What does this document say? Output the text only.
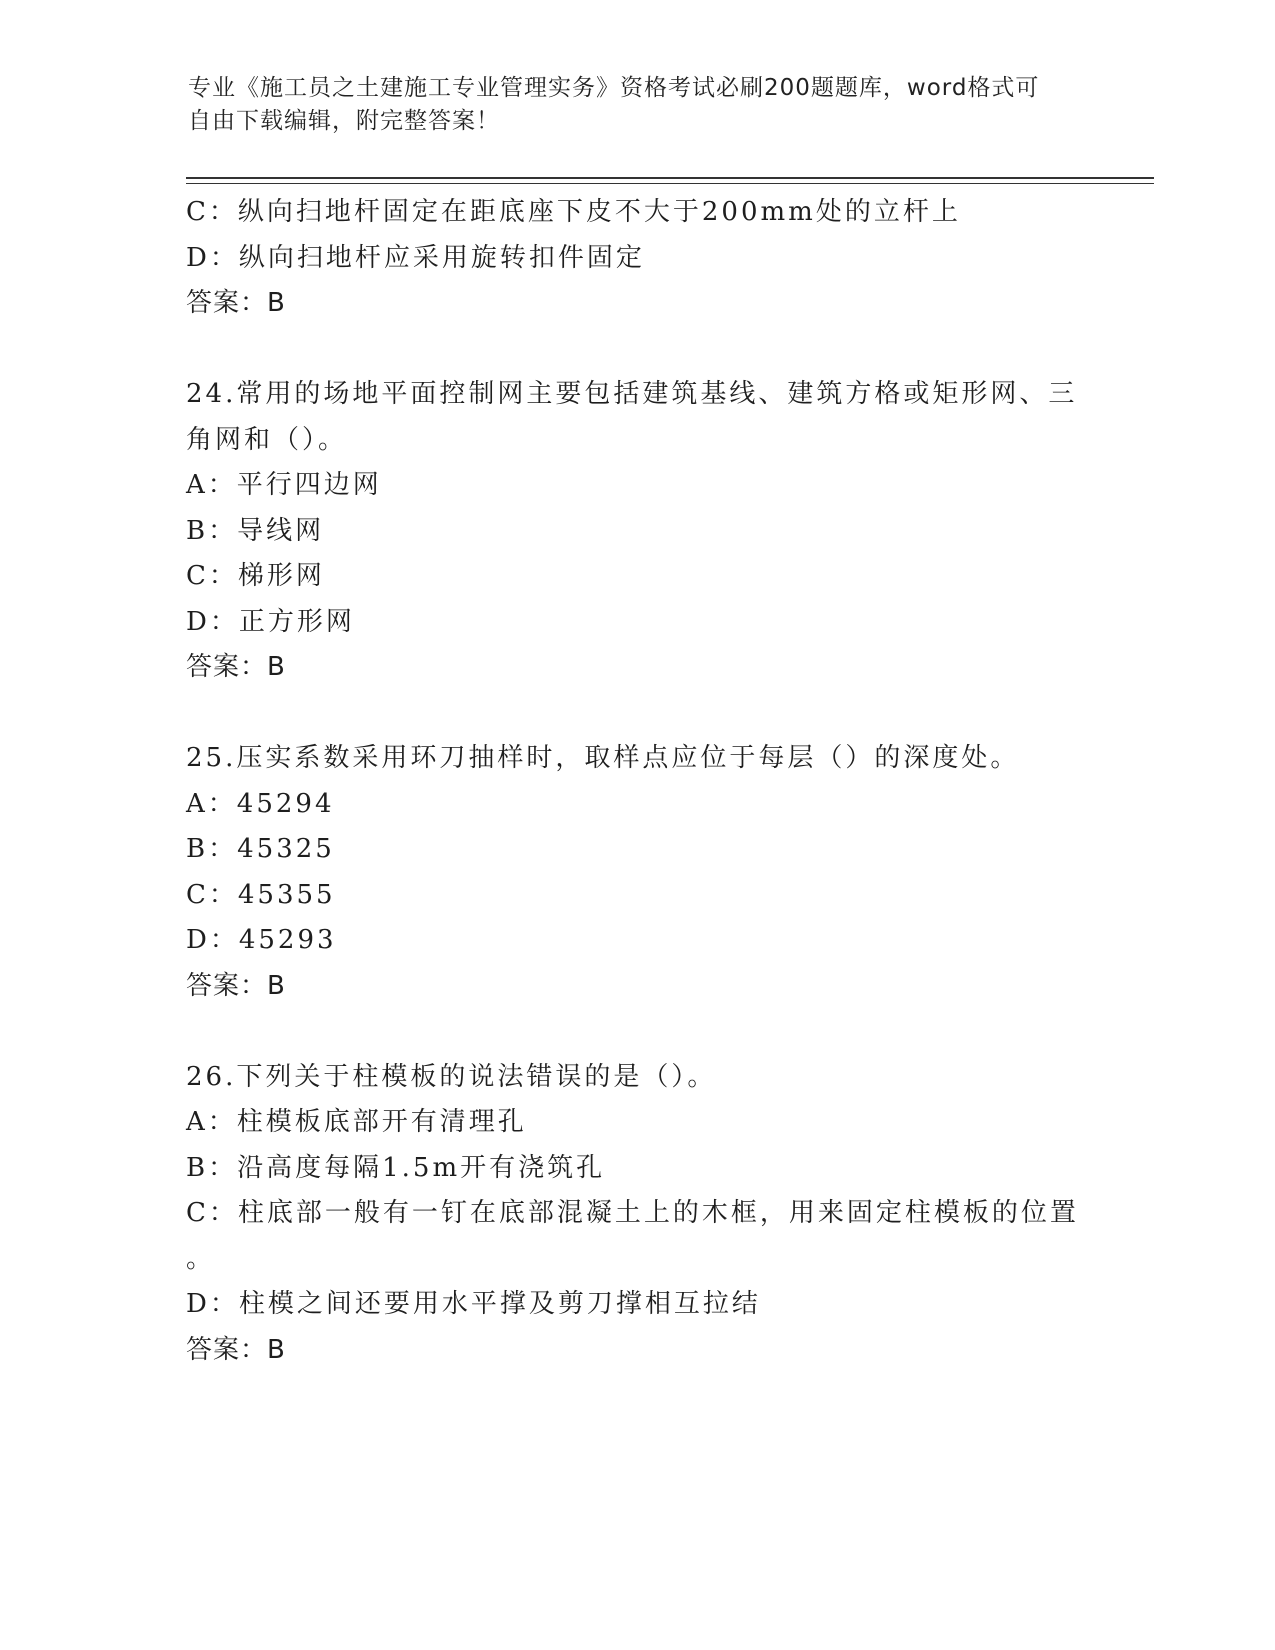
专业《施工员之土建施工专业管理实务》资格考试必刷200题题库，word格式可
自由下载编辑，附完整答案！
C：纵向扫地杆固定在距底座下皮不大于200mm处的立杆上
D：纵向扫地杆应采用旋转扣件固定
答案：B
24.常用的场地平面控制网主要包括建筑基线、建筑方格或矩形网、三
角网和（）。
A：平行四边网
B：导线网
C：梯形网
D：正方形网
答案：B
25.压实系数采用环刀抽样时，取样点应位于每层（）的深度处。
A：45294
B：45325
C：45355
D：45293
答案：B
26.下列关于柱模板的说法错误的是（）。
A：柱模板底部开有清理孔
B：沿高度每隔1.5m开有浇筑孔
C：柱底部一般有一钉在底部混凝土上的木框，用来固定柱模板的位置
。
D：柱模之间还要用水平撑及剪刀撑相互拉结
答案：B
